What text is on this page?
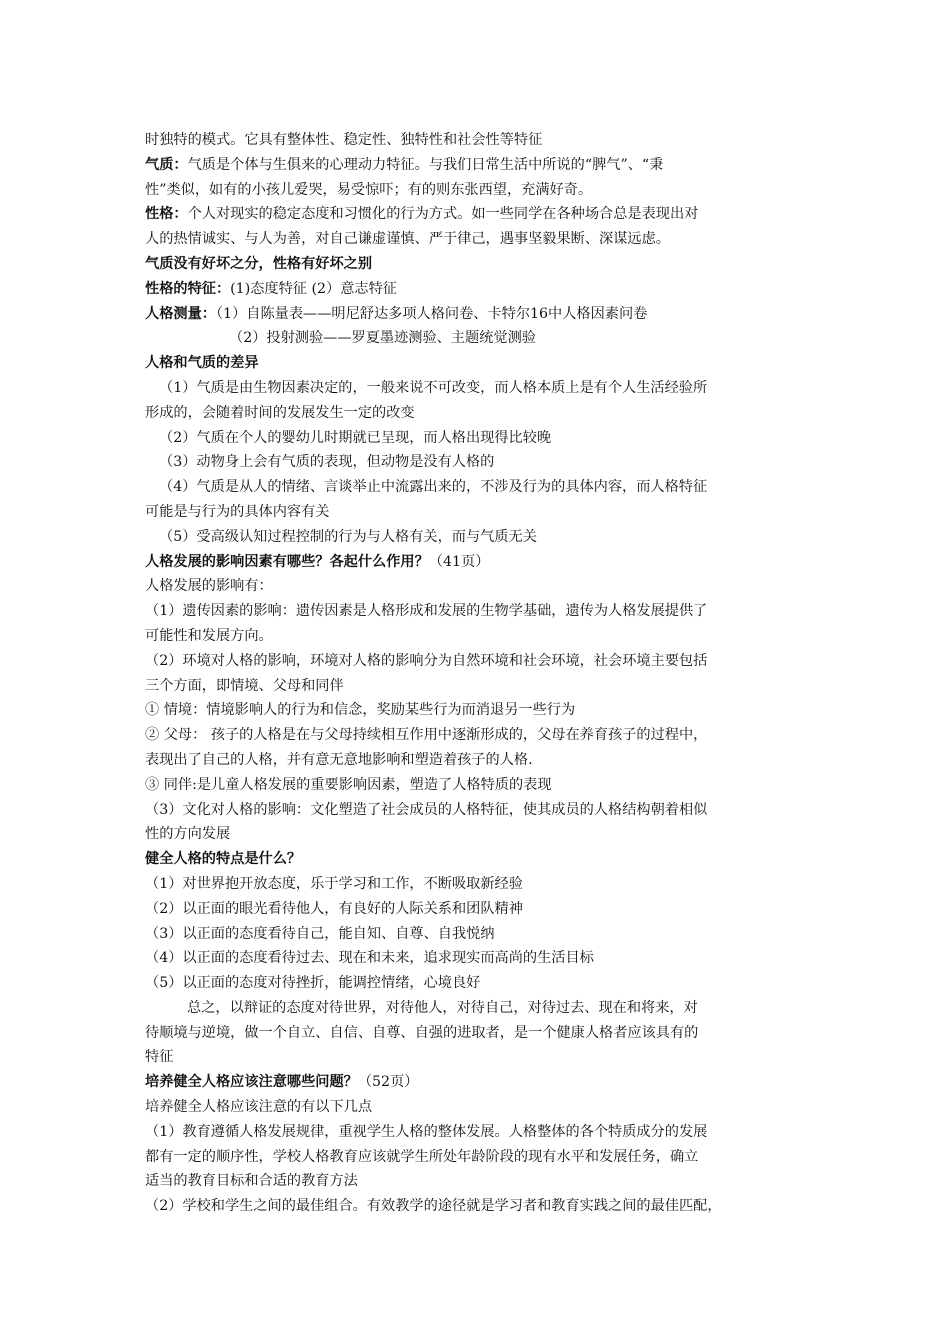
时独特的模式。它具有整体性、稳定性、独特性和社会性等特征
气质：气质是个体与生俱来的心理动力特征。与我们日常生活中所说的“脾气”、“秉
性”类似，如有的小孩儿爱哭，易受惊吓；有的则东张西望，充满好奇。
性格：个人对现实的稳定态度和习惯化的行为方式。如一些同学在各种场合总是表现出对
人的热情诚实、与人为善，对自己谦虚谨慎、严于律己，遇事坚毅果断、深谋远虑。
气质没有好坏之分，性格有好坏之别
性格的特征：(1)态度特征 (2）意志特征
人格测量：（1）自陈量表——明尼舒达多项人格问卷、卡特尔16中人格因素问卷
（2）投射测验——罗夏墨迹测验、主题统觉测验
人格和气质的差异
（1）气质是由生物因素决定的，一般来说不可改变，而人格本质上是有个人生活经验所
形成的，会随着时间的发展发生一定的改变
（2）气质在个人的婴幼儿时期就已呈现，而人格出现得比较晚
（3）动物身上会有气质的表现，但动物是没有人格的
（4）气质是从人的情绪、言谈举止中流露出来的，不涉及行为的具体内容，而人格特征
可能是与行为的具体内容有关
（5）受高级认知过程控制的行为与人格有关，而与气质无关
人格发展的影响因素有哪些？各起什么作用？（41页）
人格发展的影响有：
（1）遗传因素的影响：遗传因素是人格形成和发展的生物学基础，遗传为人格发展提供了
可能性和发展方向。
（2）环境对人格的影响，环境对人格的影响分为自然环境和社会环境，社会环境主要包括
三个方面，即情境、父母和同伴
① 情境：情境影响人的行为和信念，奖励某些行为而消退另一些行为
② 父母： 孩子的人格是在与父母持续相互作用中逐渐形成的，父母在养育孩子的过程中，
表现出了自己的人格，并有意无意地影响和塑造着孩子的人格.
③ 同伴:是儿童人格发展的重要影响因素，塑造了人格特质的表现
（3）文化对人格的影响：文化塑造了社会成员的人格特征，使其成员的人格结构朝着相似
性的方向发展
健全人格的特点是什么？
（1）对世界抱开放态度，乐于学习和工作，不断吸取新经验
（2）以正面的眼光看待他人，有良好的人际关系和团队精神
（3）以正面的态度看待自己，能自知、自尊、自我悦纳
（4）以正面的态度看待过去、现在和未来，追求现实而高尚的生活目标
（5）以正面的态度对待挫折，能调控情绪，心境良好
总之，以辩证的态度对待世界，对待他人，对待自己，对待过去、现在和将来，对
待顺境与逆境，做一个自立、自信、自尊、自强的进取者，是一个健康人格者应该具有的
特征
培养健全人格应该注意哪些问题？（52页）
培养健全人格应该注意的有以下几点
（1）教育遵循人格发展规律，重视学生人格的整体发展。人格整体的各个特质成分的发展
都有一定的顺序性，学校人格教育应该就学生所处年龄阶段的现有水平和发展任务，确立
适当的教育目标和合适的教育方法
（2）学校和学生之间的最佳组合。有效教学的途径就是学习者和教育实践之间的最佳匹配，
